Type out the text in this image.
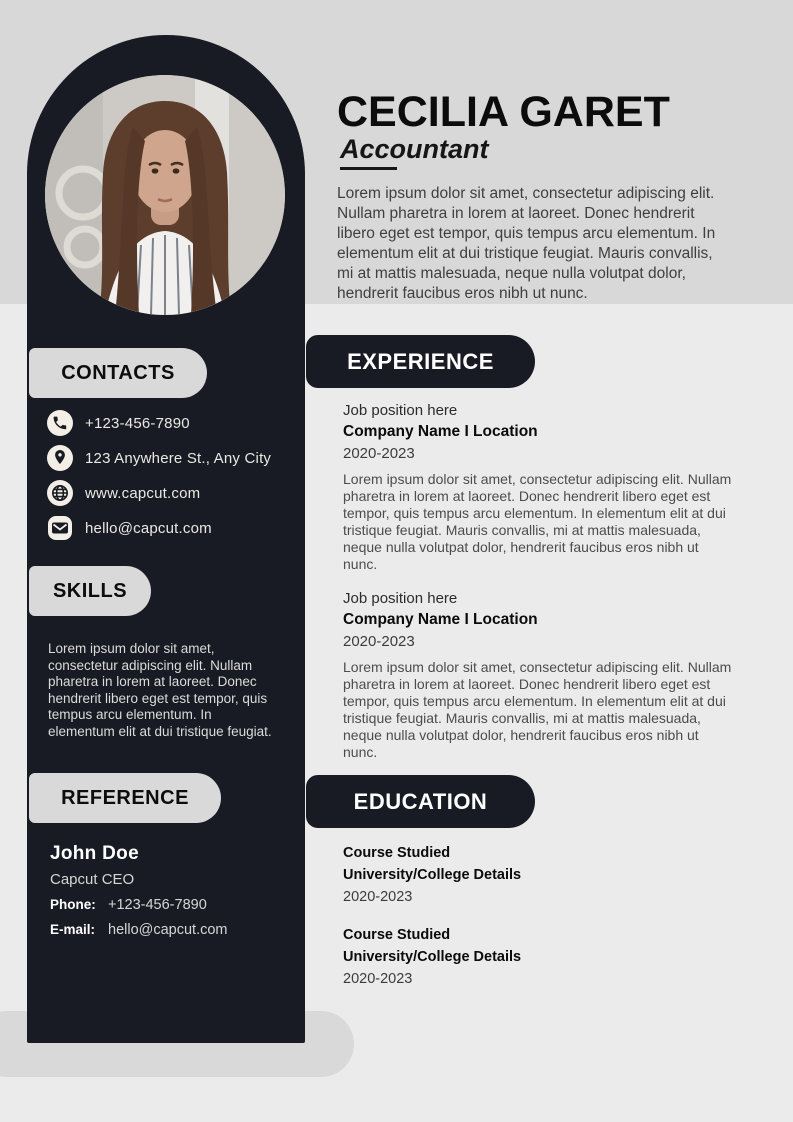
CONTACTS
+123-456-7890
123 Anywhere St., Any City
www.capcut.com
hello@capcut.com
SKILLS
Lorem ipsum dolor sit amet, consectetur adipiscing elit. Nullam pharetra in lorem at laoreet. Donec hendrerit libero eget est tempor, quis tempus arcu elementum. In elementum elit at dui tristique feugiat.
REFERENCE
John Doe
Capcut CEO
Phone: +123-456-7890
E-mail: hello@capcut.com
CECILIA GARET
Accountant
Lorem ipsum dolor sit amet, consectetur adipiscing elit. Nullam pharetra in lorem at laoreet. Donec hendrerit libero eget est tempor, quis tempus arcu elementum. In elementum elit at dui tristique feugiat. Mauris convallis, mi at mattis malesuada, neque nulla volutpat dolor, hendrerit faucibus eros nibh ut nunc.
EXPERIENCE
Job position here
Company Name I Location
2020-2023
Lorem ipsum dolor sit amet, consectetur adipiscing elit. Nullam pharetra in lorem at laoreet. Donec hendrerit libero eget est tempor, quis tempus arcu elementum. In elementum elit at dui tristique feugiat. Mauris convallis, mi at mattis malesuada, neque nulla volutpat dolor, hendrerit faucibus eros nibh ut nunc.
Job position here
Company Name I Location
2020-2023
Lorem ipsum dolor sit amet, consectetur adipiscing elit. Nullam pharetra in lorem at laoreet. Donec hendrerit libero eget est tempor, quis tempus arcu elementum. In elementum elit at dui tristique feugiat. Mauris convallis, mi at mattis malesuada, neque nulla volutpat dolor, hendrerit faucibus eros nibh ut nunc.
EDUCATION
Course Studied
University/College Details
2020-2023
Course Studied
University/College Details
2020-2023
